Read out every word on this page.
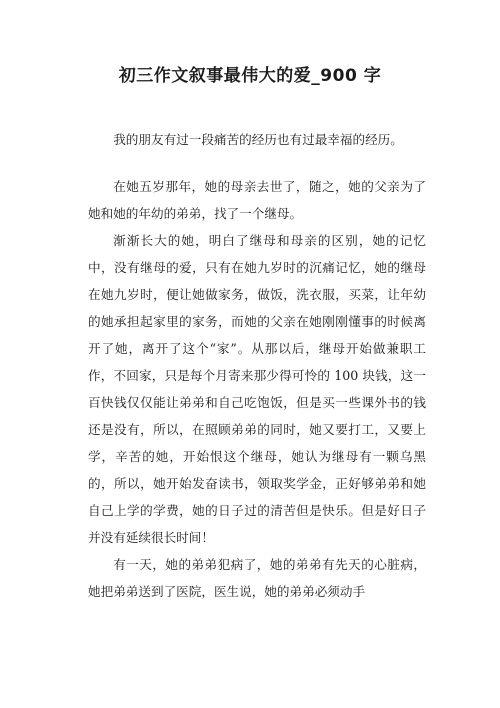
初三作文叙事最伟大的爱_900 字

我的朋友有过一段痛苦的经历也有过最幸福的经历。

在她五岁那年，她的母亲去世了，随之，她的父亲为了她和她的年幼的弟弟，找了一个继母。

渐渐长大的她，明白了继母和母亲的区别，她的记忆中，没有继母的爱，只有在她九岁时的沉痛记忆，她的继母在她九岁时，便让她做家务，做饭，洗衣服，买菜，让年幼的她承担起家里的家务，而她的父亲在她刚刚懂事的时候离开了她，离开了这个“家”。从那以后，继母开始做兼职工作，不回家，只是每个月寄来那少得可怜的 100 块钱，这一百快钱仅仅能让弟弟和自己吃饱饭，但是买一些课外书的钱还是没有，所以，在照顾弟弟的同时，她又要打工，又要上学，辛苦的她，开始恨这个继母，她认为继母有一颗乌黑的，所以，她开始发奋读书，领取奖学金，正好够弟弟和她自己上学的学费，她的日子过的清苦但是快乐。但是好日子并没有延续很长时间！

有一天，她的弟弟犯病了，她的弟弟有先天的心脏病，她把弟弟送到了医院，医生说，她的弟弟必须动手
